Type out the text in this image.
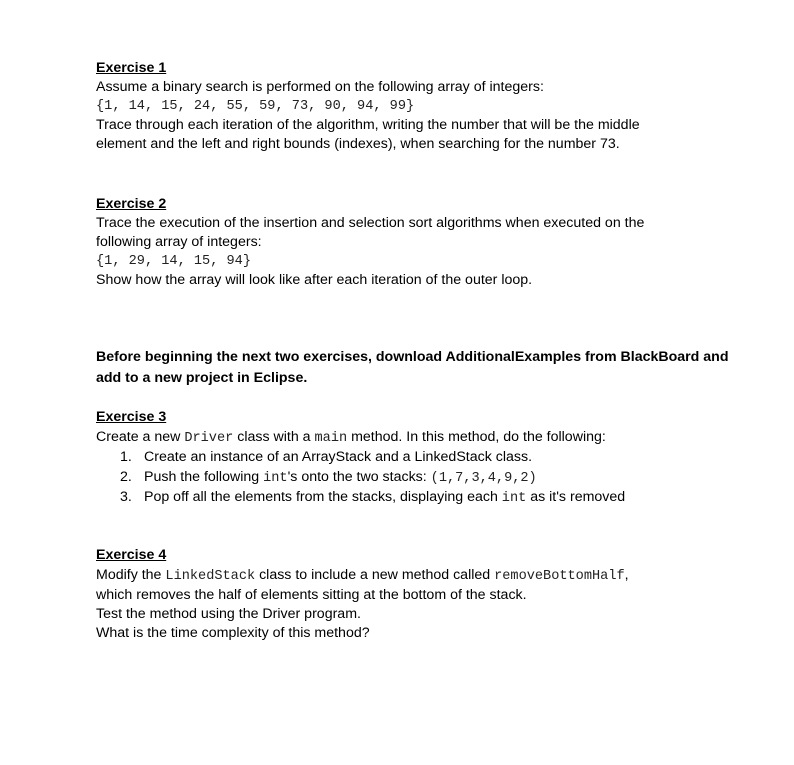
Exercise 1
Assume a binary search is performed on the following array of integers:
{1, 14, 15, 24, 55, 59, 73, 90, 94, 99}
Trace through each iteration of the algorithm, writing the number that will be the middle
element and the left and right bounds (indexes), when searching for the number 73.
Exercise 2
Trace the execution of the insertion and selection sort algorithms when executed on the
following array of integers:
{1, 29, 14, 15, 94}
Show how the array will look like after each iteration of the outer loop.
Before beginning the next two exercises, download AdditionalExamples from BlackBoard and
add to a new project in Eclipse.
Exercise 3
Create a new Driver class with a main method. In this method, do the following:
1. Create an instance of an ArrayStack and a LinkedStack class.
2. Push the following int's onto the two stacks: (1,7,3,4,9,2)
3. Pop off all the elements from the stacks, displaying each int as it's removed
Exercise 4
Modify the LinkedStack class to include a new method called removeBottomHalf,
which removes the half of elements sitting at the bottom of the stack.
Test the method using the Driver program.
What is the time complexity of this method?
